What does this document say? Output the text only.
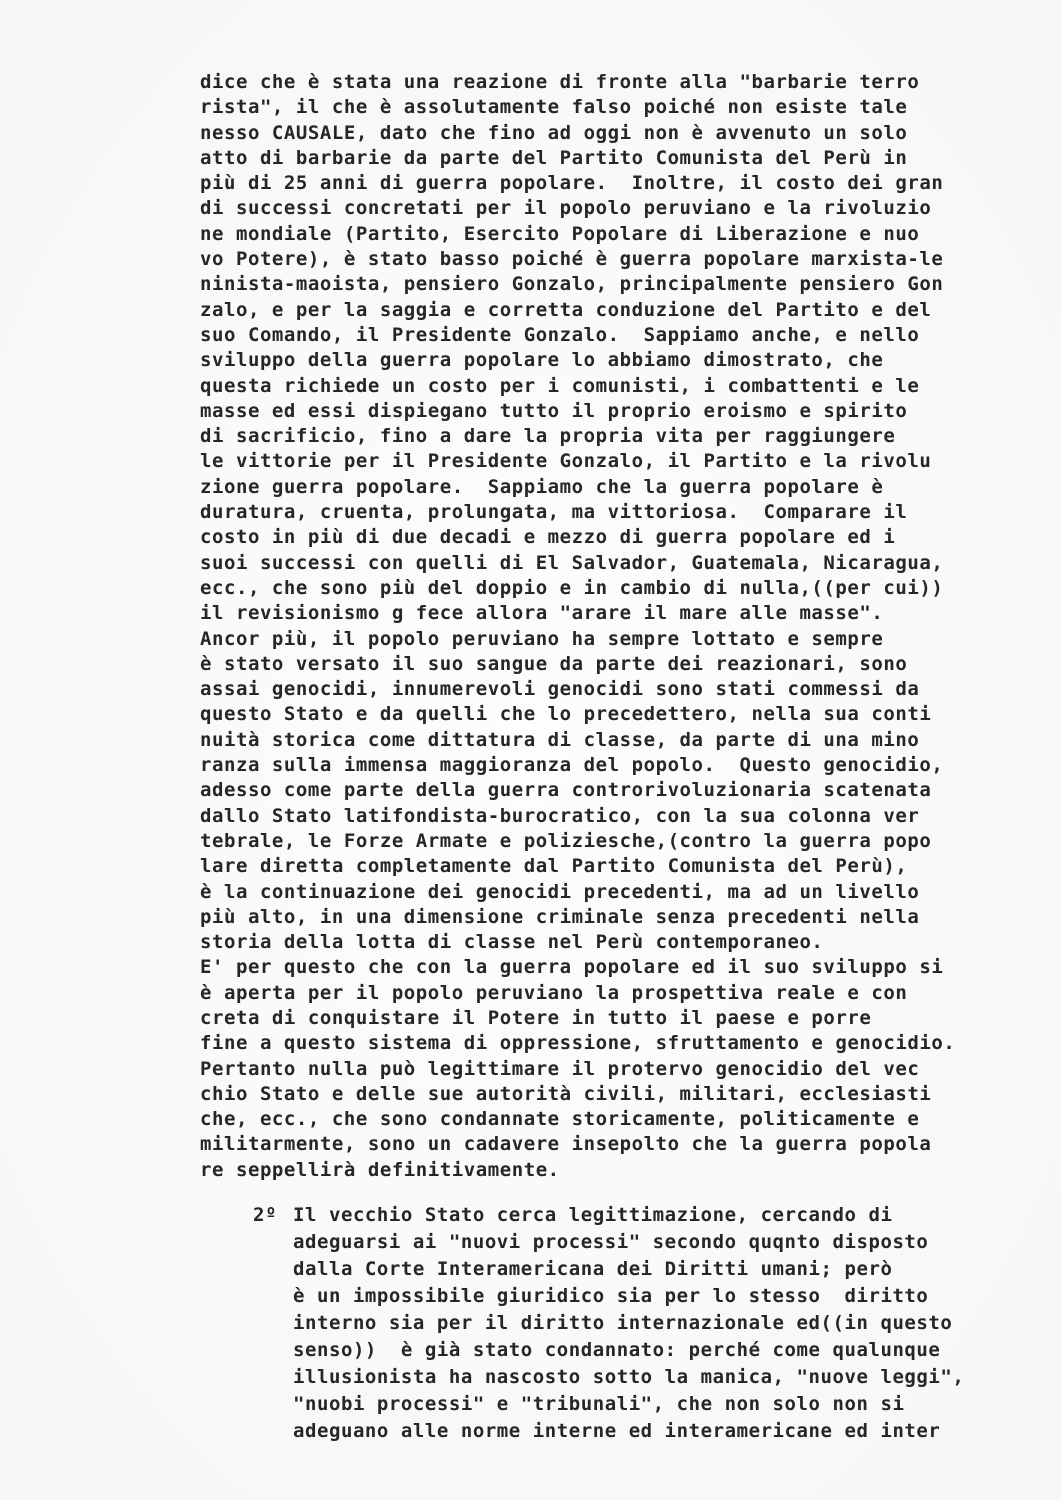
dice che è stata una reazione di fronte alla "barbarie terro
rista", il che è assolutamente falso poiché non esiste tale
nesso CAUSALE, dato che fino ad oggi non è avvenuto un solo
atto di barbarie da parte del Partito Comunista del Perù in
più di 25 anni di guerra popolare.  Inoltre, il costo dei gran
di successi concretati per il popolo peruviano e la rivoluzio
ne mondiale (Partito, Esercito Popolare di Liberazione e nuo
vo Potere), è stato basso poiché è guerra popolare marxista-le
ninista-maoista, pensiero Gonzalo, principalmente pensiero Gon
zalo, e per la saggia e corretta conduzione del Partito e del
suo Comando, il Presidente Gonzalo.  Sappiamo anche, e nello
sviluppo della guerra popolare lo abbiamo dimostrato, che
questa richiede un costo per i comunisti, i combattenti e le
masse ed essi dispiegano tutto il proprio eroismo e spirito
di sacrificio, fino a dare la propria vita per raggiungere
le vittorie per il Presidente Gonzalo, il Partito e la rivolu
zione guerra popolare.  Sappiamo che la guerra popolare è
duratura, cruenta, prolungata, ma vittoriosa.  Comparare il
costo in più di due decadi e mezzo di guerra popolare ed i
suoi successi con quelli di El Salvador, Guatemala, Nicaragua,
ecc., che sono più del doppio e in cambio di nulla,((per cui))
il revisionismo g fece allora "arare il mare alle masse".
Ancor più, il popolo peruviano ha sempre lottato e sempre
è stato versato il suo sangue da parte dei reazionari, sono
assai genocidi, innumerevoli genocidi sono stati commessi da
questo Stato e da quelli che lo precedettero, nella sua conti
nuità storica come dittatura di classe, da parte di una mino
ranza sulla immensa maggioranza del popolo.  Questo genocidio,
adesso come parte della guerra controrivoluzionaria scatenata
dallo Stato latifondista-burocratico, con la sua colonna ver
tebrale, le Forze Armate e poliziesche,(contro la guerra popo
lare diretta completamente dal Partito Comunista del Perù),
è la continuazione dei genocidi precedenti, ma ad un livello
più alto, in una dimensione criminale senza precedenti nella
storia della lotta di classe nel Perù contemporaneo.
E' per questo che con la guerra popolare ed il suo sviluppo si
è aperta per il popolo peruviano la prospettiva reale e con
creta di conquistare il Potere in tutto il paese e porre
fine a questo sistema di oppressione, sfruttamento e genocidio.
Pertanto nulla può legittimare il protervo genocidio del vec
chio Stato e delle sue autorità civili, militari, ecclesiasti
che, ecc., che sono condannate storicamente, politicamente e
militarmente, sono un cadavere insepolto che la guerra popola
re seppellirà definitivamente.
2º Il vecchio Stato cerca legittimazione, cercando di
adeguarsi ai "nuovi processi" secondo quqnto disposto
dalla Corte Interamericana dei Diritti umani; però
è un impossibile giuridico sia per lo stesso  diritto
interno sia per il diritto internazionale ed((in questo
senso))  è già stato condannato: perché come qualunque
illusionista ha nascosto sotto la manica, "nuove leggi",
"nuobi processi" e "tribunali", che non solo non si
adeguano alle norme interne ed interamericane ed inter
